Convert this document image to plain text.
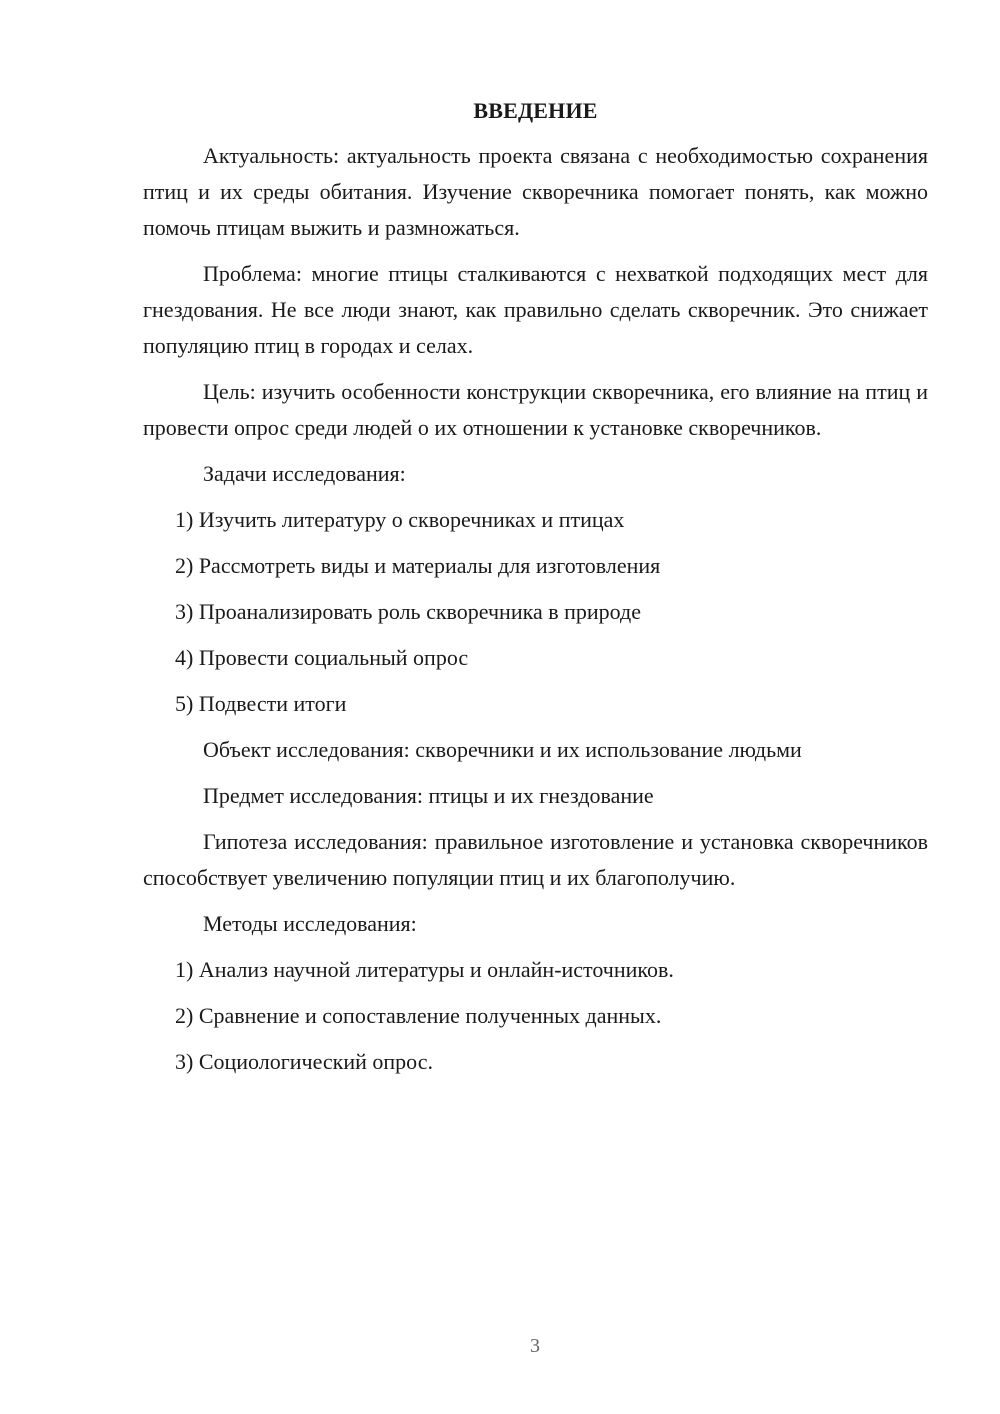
ВВЕДЕНИЕ

Актуальность: актуальность проекта связана с необходимостью сохранения птиц и их среды обитания. Изучение скворечника помогает понять, как можно помочь птицам выжить и размножаться.

Проблема: многие птицы сталкиваются с нехваткой подходящих мест для гнездования. Не все люди знают, как правильно сделать скворечник. Это снижает популяцию птиц в городах и селах.

Цель: изучить особенности конструкции скворечника, его влияние на птиц и провести опрос среди людей о их отношении к установке скворечников.

Задачи исследования:

1) Изучить литературу о скворечниках и птицах
2) Рассмотреть виды и материалы для изготовления
3) Проанализировать роль скворечника в природе
4) Провести социальный опрос
5) Подвести итоги

Объект исследования: скворечники и их использование людьми

Предмет исследования: птицы и их гнездование

Гипотеза исследования: правильное изготовление и установка скворечников способствует увеличению популяции птиц и их благополучию.

Методы исследования:

1) Анализ научной литературы и онлайн-источников.
2) Сравнение и сопоставление полученных данных.
3) Социологический опрос.
3
